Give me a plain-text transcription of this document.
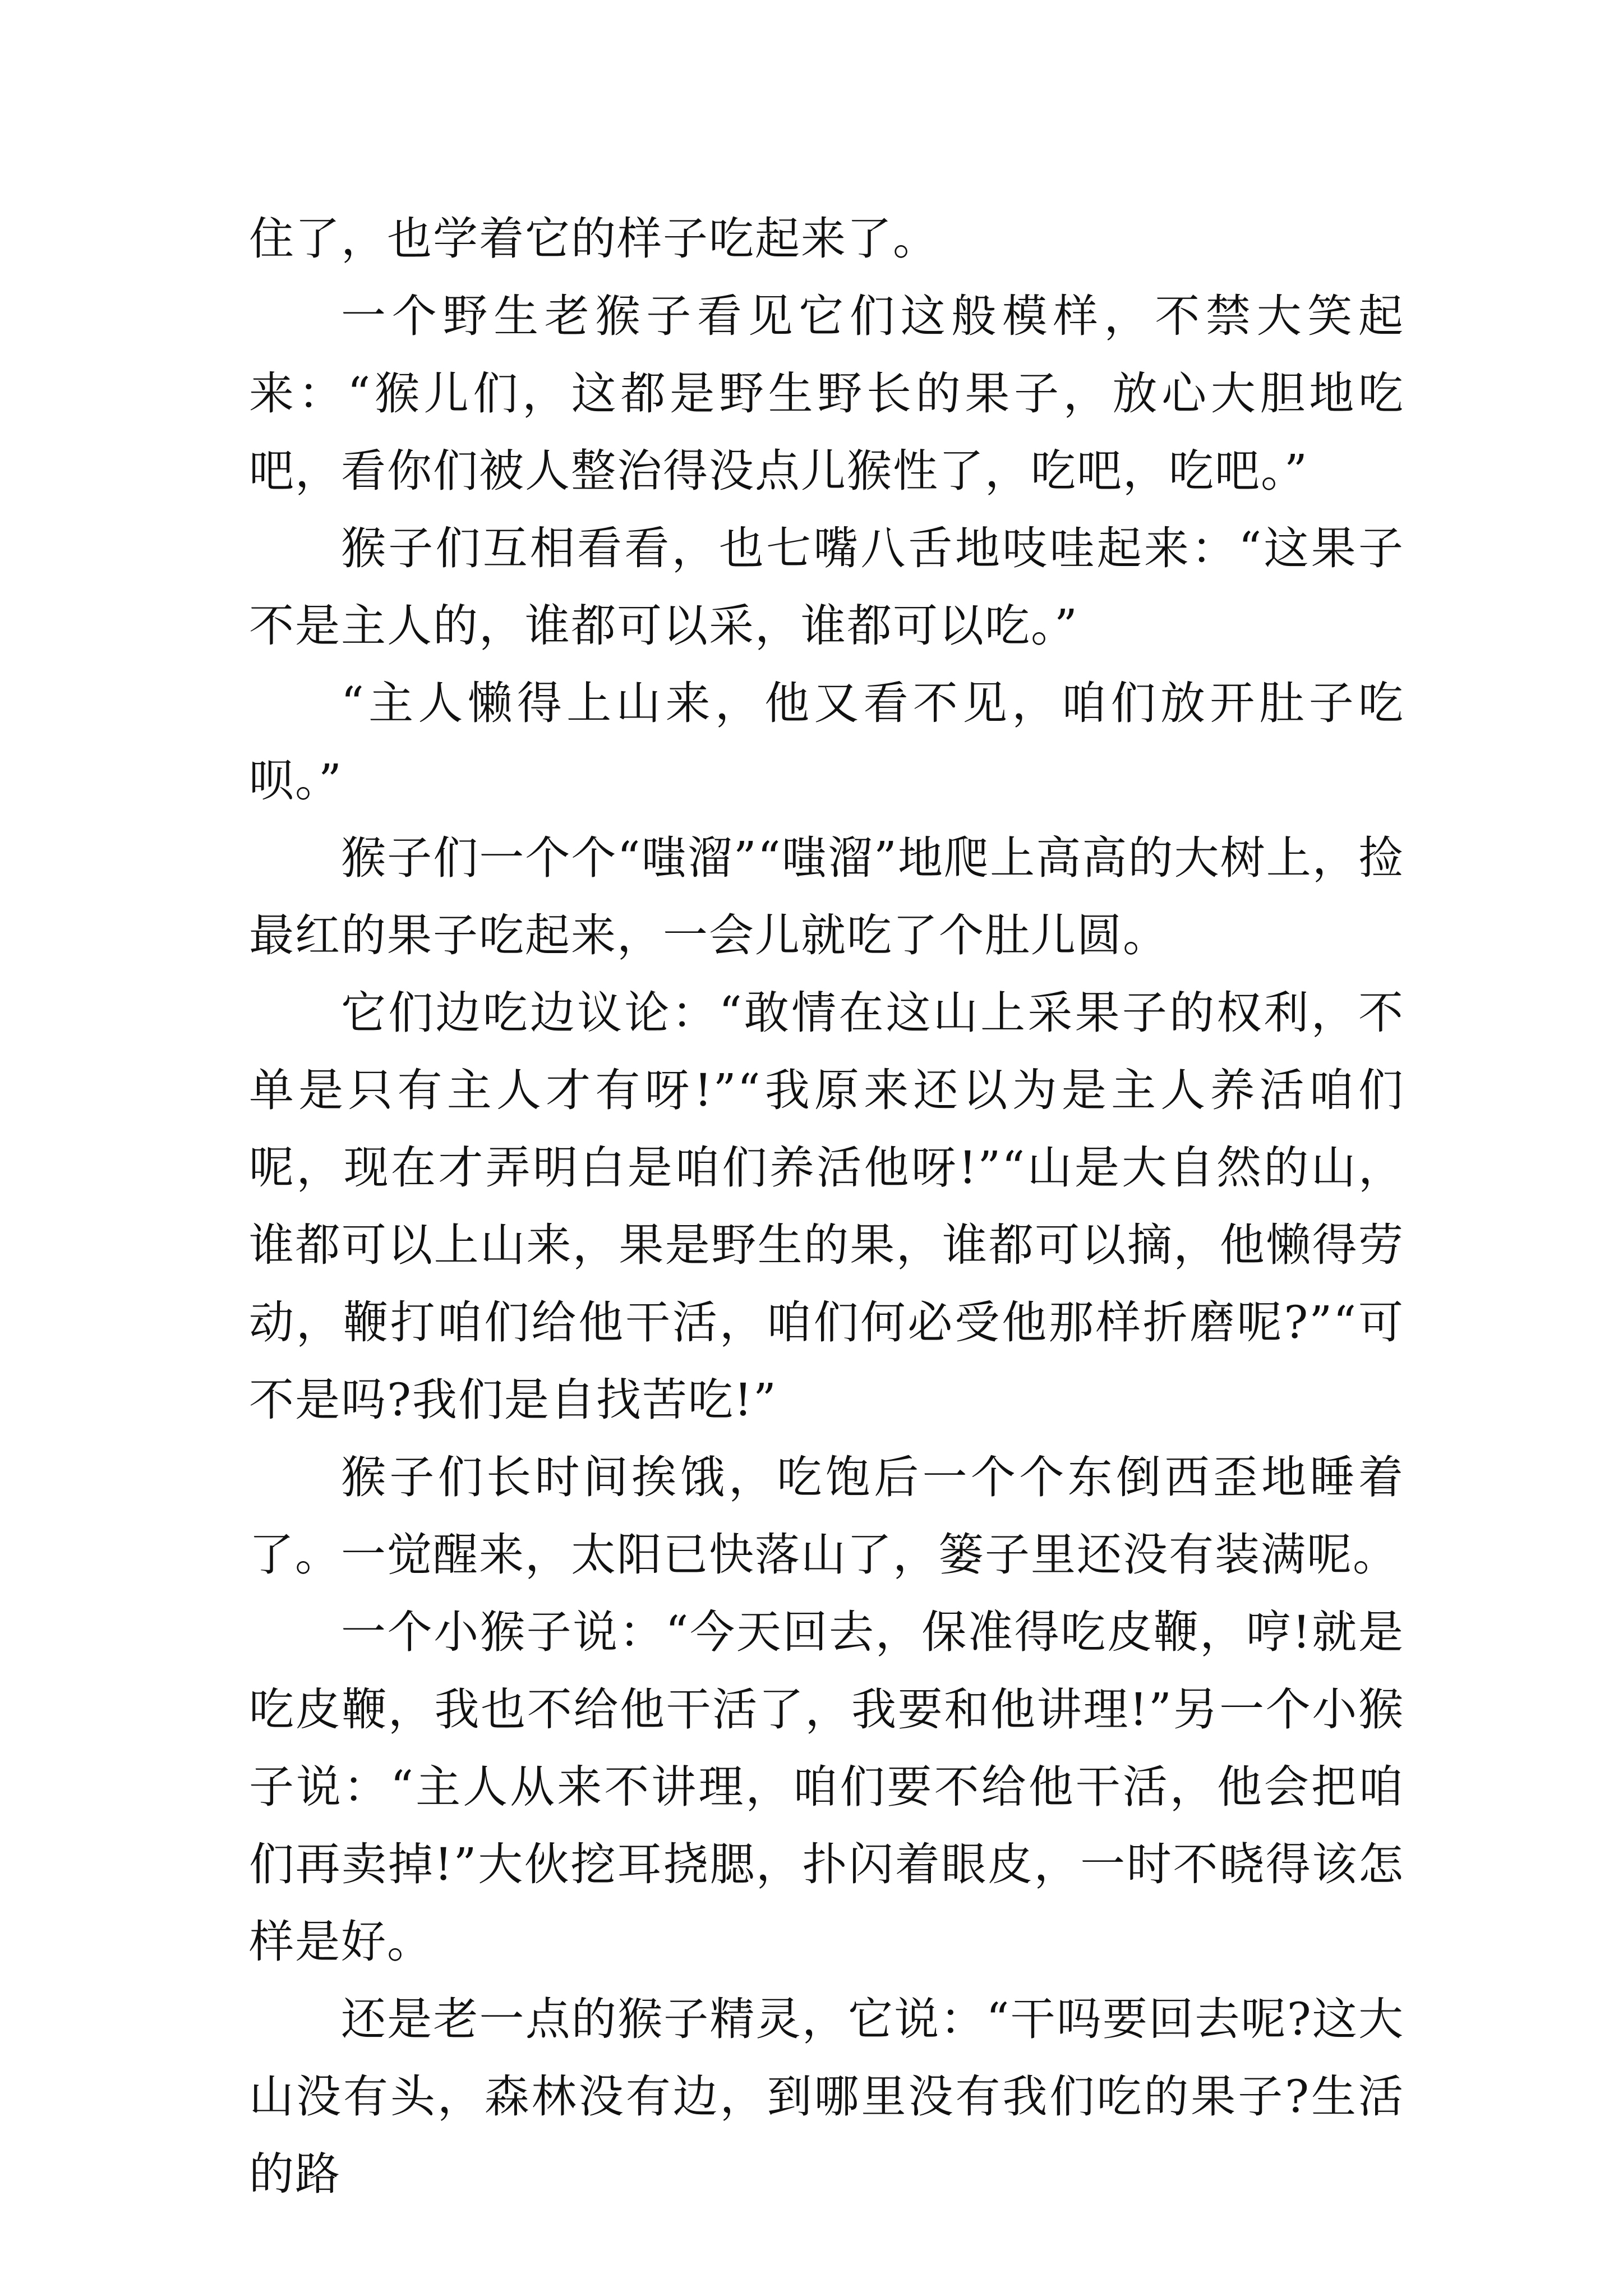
住了，也学着它的样子吃起来了。

一个野生老猴子看见它们这般模样，不禁大笑起来：“猴儿们，这都是野生野长的果子，放心大胆地吃吧，看你们被人整治得没点儿猴性了，吃吧，吃吧。”

猴子们互相看看，也七嘴八舌地吱哇起来：“这果子不是主人的，谁都可以采，谁都可以吃。”

“主人懒得上山来，他又看不见，咱们放开肚子吃呗。”

猴子们一个个“嗤溜”“嗤溜”地爬上高高的大树上，捡最红的果子吃起来，一会儿就吃了个肚儿圆。

它们边吃边议论：“敢情在这山上采果子的权利，不单是只有主人才有呀!”“我原来还以为是主人养活咱们呢，现在才弄明白是咱们养活他呀!”“山是大自然的山，谁都可以上山来，果是野生的果，谁都可以摘，他懒得劳动，鞭打咱们给他干活，咱们何必受他那样折磨呢?”“可不是吗?我们是自找苦吃!”

猴子们长时间挨饿，吃饱后一个个东倒西歪地睡着了。一觉醒来，太阳已快落山了，篓子里还没有装满呢。

一个小猴子说：“今天回去，保准得吃皮鞭，哼!就是吃皮鞭，我也不给他干活了，我要和他讲理!”另一个小猴子说：“主人从来不讲理，咱们要不给他干活，他会把咱们再卖掉!”大伙挖耳挠腮，扑闪着眼皮，一时不晓得该怎样是好。

还是老一点的猴子精灵，它说：“干吗要回去呢?这大山没有头，森林没有边，到哪里没有我们吃的果子?生活的路
